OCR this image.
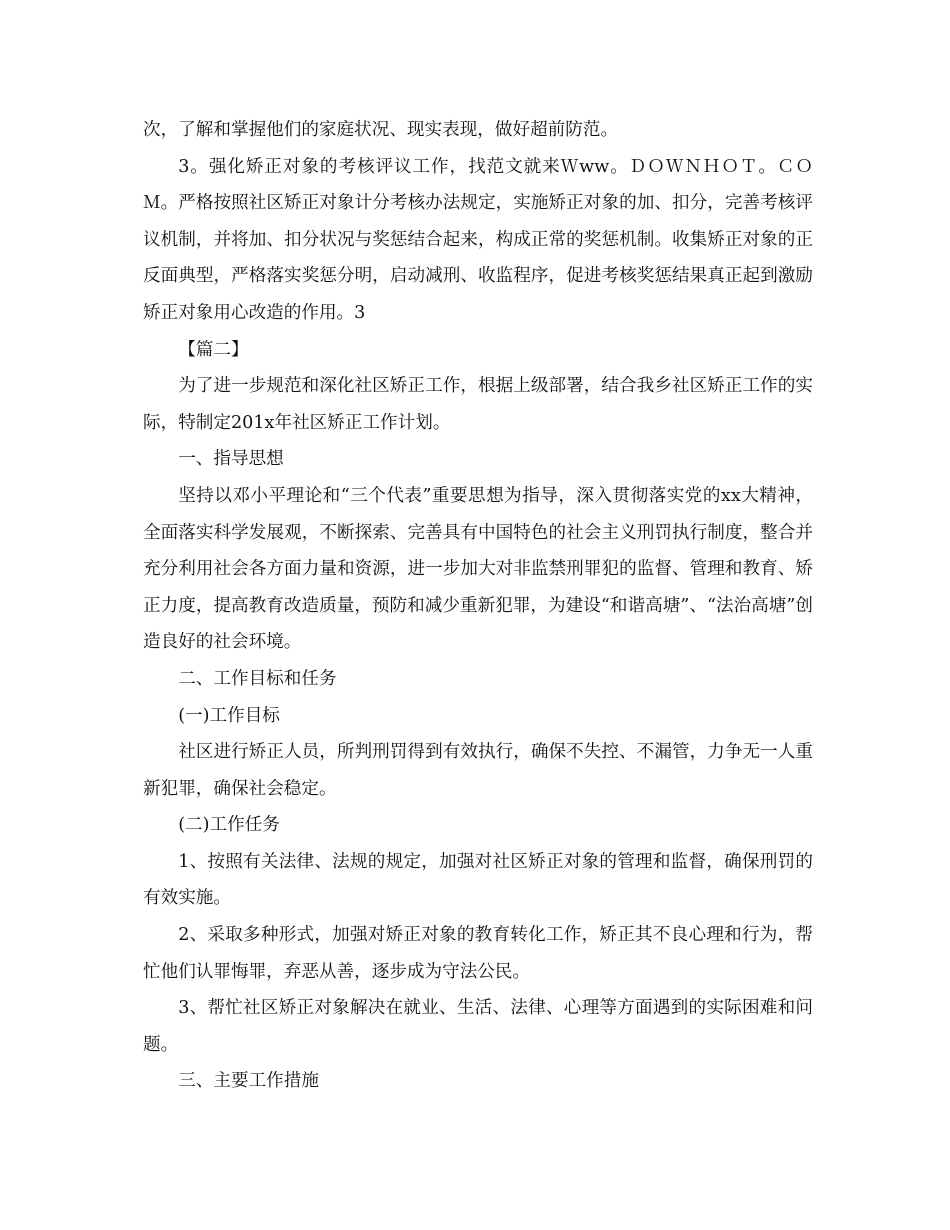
次，了解和掌握他们的家庭状况、现实表现，做好超前防范。

3。强化矫正对象的考核评议工作，找范文就来Ｗww。ＤＯＷＮＨＯＴ。ＣＯＭ。严格按照社区矫正对象计分考核办法规定，实施矫正对象的加、扣分，完善考核评议机制，并将加、扣分状况与奖惩结合起来，构成正常的奖惩机制。收集矫正对象的正反面典型，严格落实奖惩分明，启动减刑、收监程序，促进考核奖惩结果真正起到激励矫正对象用心改造的作用。3

【篇二】

为了进一步规范和深化社区矫正工作，根据上级部署，结合我乡社区矫正工作的实际，特制定201x年社区矫正工作计划。

一、指导思想

坚持以邓小平理论和“三个代表”重要思想为指导，深入贯彻落实党的xx大精神，全面落实科学发展观，不断探索、完善具有中国特色的社会主义刑罚执行制度，整合并充分利用社会各方面力量和资源，进一步加大对非监禁刑罪犯的监督、管理和教育、矫正力度，提高教育改造质量，预防和减少重新犯罪，为建设“和谐高塘”、“法治高塘”创造良好的社会环境。

二、工作目标和任务

(一)工作目标

社区进行矫正人员，所判刑罚得到有效执行，确保不失控、不漏管，力争无一人重新犯罪，确保社会稳定。

(二)工作任务

1、按照有关法律、法规的规定，加强对社区矫正对象的管理和监督，确保刑罚的有效实施。

2、采取多种形式，加强对矫正对象的教育转化工作，矫正其不良心理和行为，帮忙他们认罪悔罪，弃恶从善，逐步成为守法公民。

3、帮忙社区矫正对象解决在就业、生活、法律、心理等方面遇到的实际困难和问题。

三、主要工作措施
